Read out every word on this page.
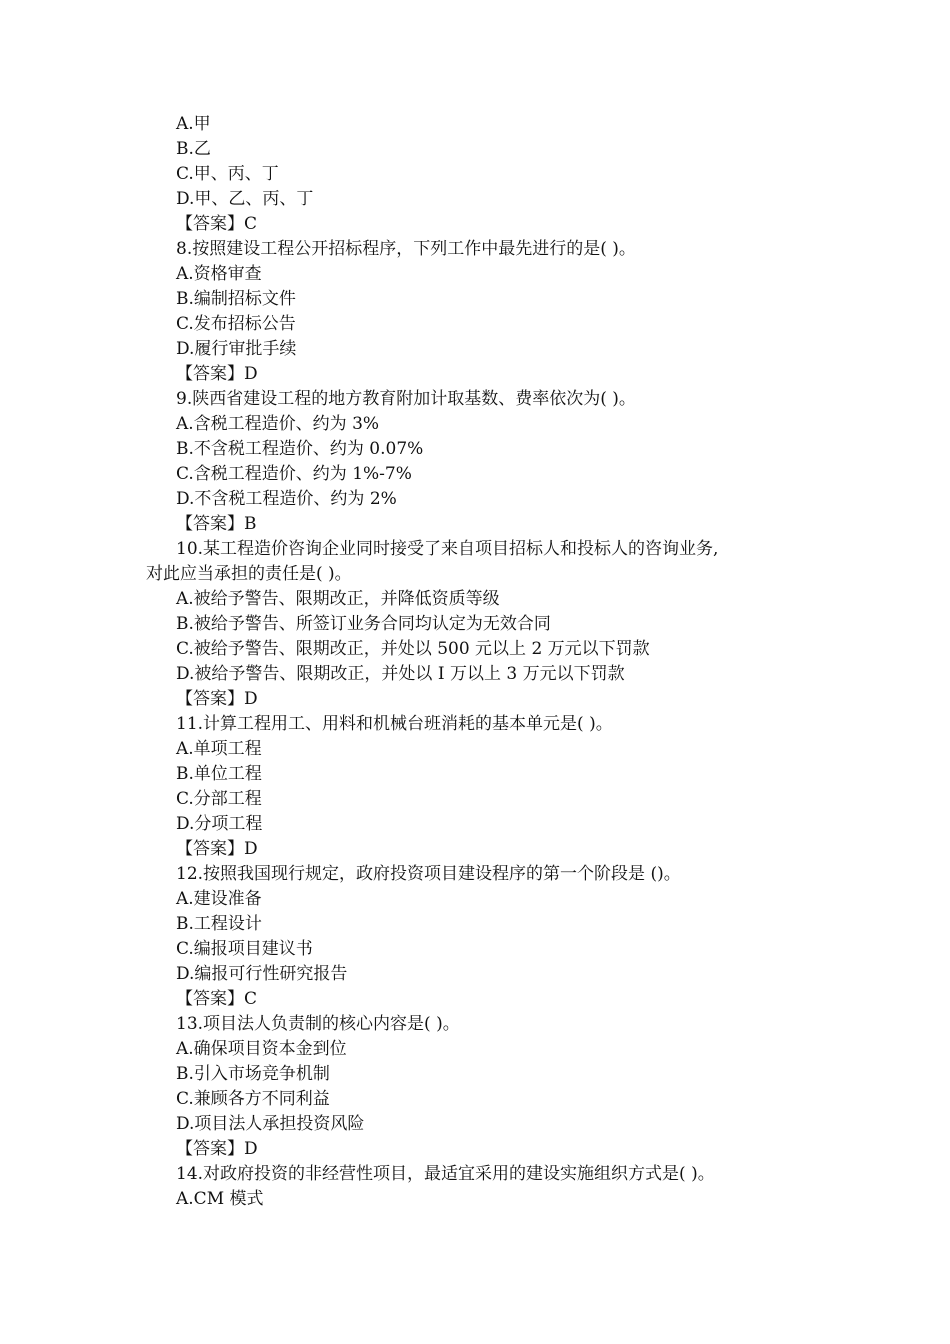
A.甲
B.乙
C.甲、丙、丁
D.甲、乙、丙、丁
【答案】C
8.按照建设工程公开招标程序，下列工作中最先进行的是( )。
A.资格审查
B.编制招标文件
C.发布招标公告
D.履行审批手续
【答案】D
9.陕西省建设工程的地方教育附加计取基数、费率依次为( )。
A.含税工程造价、约为 3%
B.不含税工程造价、约为 0.07%
C.含税工程造价、约为 1%-7%
D.不含税工程造价、约为 2%
【答案】B
10.某工程造价咨询企业同时接受了来自项目招标人和投标人的咨询业务,
对此应当承担的责任是( )。
A.被给予警告、限期改正，并降低资质等级
B.被给予警告、所签订业务合同均认定为无效合同
C.被给予警告、限期改正，并处以 500 元以上 2 万元以下罚款
D.被给予警告、限期改正，并处以 I 万以上 3 万元以下罚款
【答案】D
11.计算工程用工、用料和机械台班消耗的基本单元是( )。
A.单项工程
B.单位工程
C.分部工程
D.分项工程
【答案】D
12.按照我国现行规定，政府投资项目建设程序的第一个阶段是 ()。
A.建设准备
B.工程设计
C.编报项目建议书
D.编报可行性研究报告
【答案】C
13.项目法人负责制的核心内容是( )。
A.确保项目资本金到位
B.引入市场竞争机制
C.兼顾各方不同利益
D.项目法人承担投资风险
【答案】D
14.对政府投资的非经营性项目，最适宜采用的建设实施组织方式是( )。
A.CM 模式
